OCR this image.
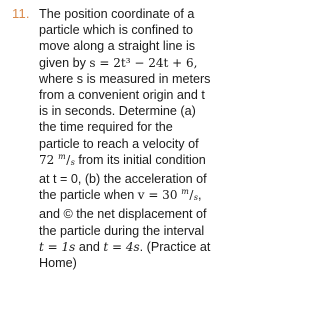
11. The position coordinate of a
particle which is confined to
move along a straight line is
given by s = 2t³ − 24t + 6,
where s is measured in meters
from a convenient origin and t
is in seconds. Determine (a)
the time required for the
particle to reach a velocity of
72 $^m$/s from its initial condition
at t = 0, (b) the acceleration of
the particle when v = 30 $^m$/s,
and © the net displacement of
the particle during the interval
t = 1s and t = 4s. (Practice at
Home)
